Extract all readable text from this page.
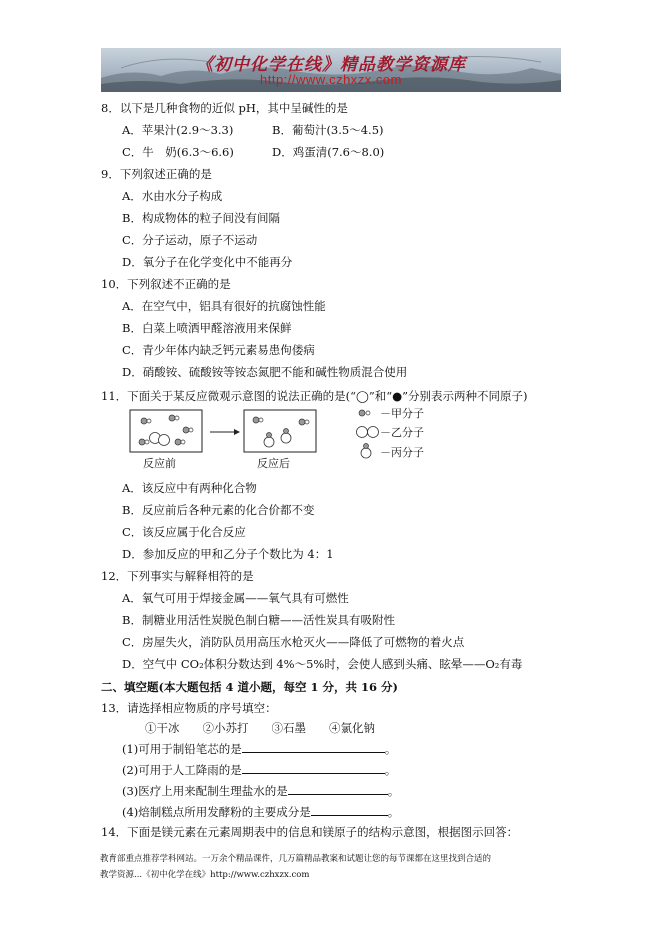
《初中化学在线》精品教学资源库
http://www.czhxzx.com
8．以下是几种食物的近似 pH，其中呈碱性的是
A．苹果汁(2.9～3.3)	B．葡萄汁(3.5～4.5)
C．牛　奶(6.3～6.6)	D．鸡蛋清(7.6～8.0)
9．下列叙述正确的是
A．水由水分子构成
B．构成物体的粒子间没有间隔
C．分子运动，原子不运动
D．氧分子在化学变化中不能再分
10．下列叙述不正确的是
A．在空气中，铝具有很好的抗腐蚀性能
B．白菜上喷洒甲醛溶液用来保鲜
C．青少年体内缺乏钙元素易患佝偻病
D．硝酸铵、硫酸铵等铵态氮肥不能和碱性物质混合使用
11．下面关于某反应微观示意图的说法正确的是(“◯”和“●”分别表示两种不同原子)
反应前	反应后
－甲分子
－乙分子
－丙分子
A．该反应中有两种化合物
B．反应前后各种元素的化合价都不变
C．该反应属于化合反应
D．参加反应的甲和乙分子个数比为 4：1
12．下列事实与解释相符的是
A．氧气可用于焊接金属——氧气具有可燃性
B．制糖业用活性炭脱色制白糖——活性炭具有吸附性
C．房屋失火，消防队员用高压水枪灭火——降低了可燃物的着火点
D．空气中 CO₂体积分数达到 4%～5%时，会使人感到头痛、眩晕——O₂有毒
二、填空题(本大题包括 4 道小题，每空 1 分，共 16 分)
13．请选择相应物质的序号填空：
①干冰　　②小苏打　　③石墨　　④氯化钠
(1)可用于制铅笔芯的是	。
(2)可用于人工降雨的是	。
(3)医疗上用来配制生理盐水的是	。
(4)焙制糕点所用发酵粉的主要成分是	。
14．下面是镁元素在元素周期表中的信息和镁原子的结构示意图，根据图示回答：
教育部重点推荐学科网站。一万余个精品课件，几万篇精品教案和试题让您的每节课都在这里找到合适的
教学资源...《初中化学在线》http://www.czhxzx.com
